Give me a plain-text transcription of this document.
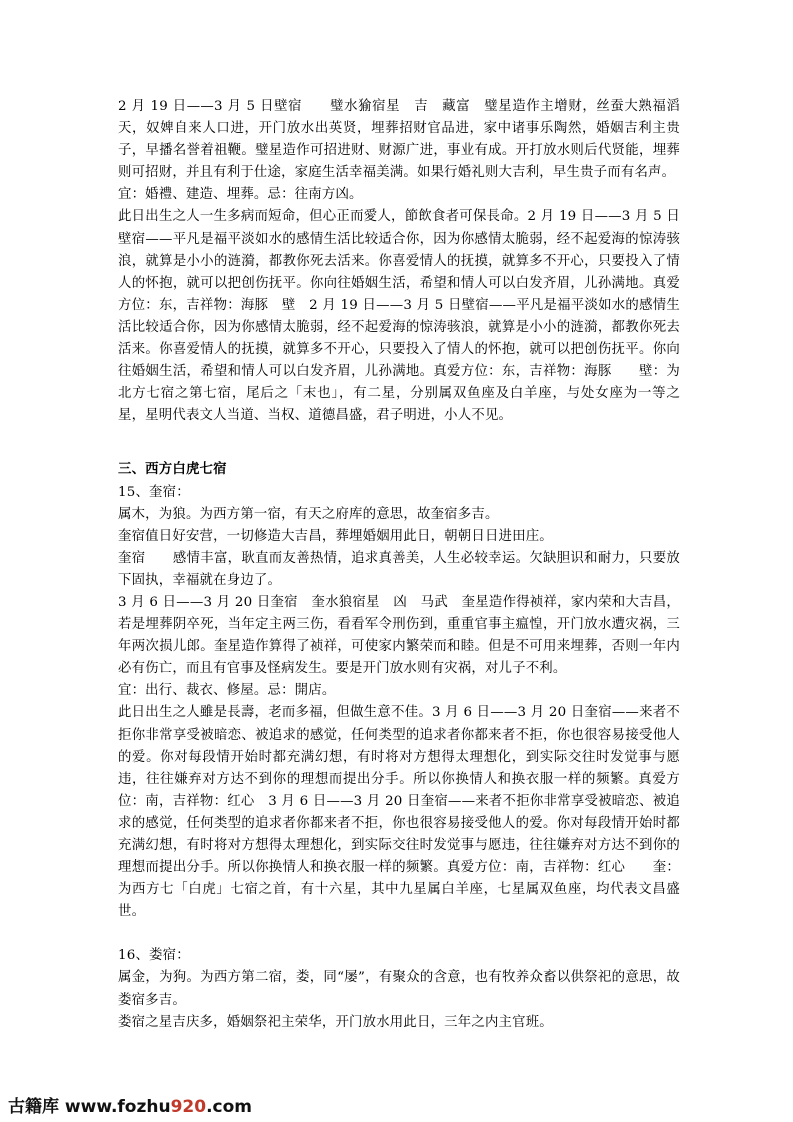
2 月 19 日——3 月 5 日壁宿　　璧水㺄宿星　吉　藏富　璧星造作主增财，丝蚕大熟福滔天，奴婢自来人口进，开门放水出英贤，埋葬招财官品进，家中诸事乐陶然，婚姻吉利主贵子，早播名誉着祖鞭。璧星造作可招进财、财源广进，事业有成。开打放水则后代贤能，埋葬则可招财，并且有利于仕途，家庭生活幸福美满。如果行婚礼则大吉利，早生贵子而有名声。

宜：婚禮、建造、埋葬。忌：往南方凶。

此日出生之人一生多病而短命，但心正而愛人，節飲食者可保長命。2 月 19 日——3 月 5 日壁宿——平凡是福平淡如水的感情生活比较适合你，因为你感情太脆弱，经不起爱海的惊涛骇浪，就算是小小的涟漪，都教你死去活来。你喜爱情人的抚摸，就算多不开心，只要投入了情人的怀抱，就可以把创伤抚平。你向往婚姻生活，希望和情人可以白发齐眉，儿孙满地。真爱方位：东，吉祥物：海豚　壁　2 月 19 日——3 月 5 日壁宿——平凡是福平淡如水的感情生活比较适合你，因为你感情太脆弱，经不起爱海的惊涛骇浪，就算是小小的涟漪，都教你死去活来。你喜爱情人的抚摸，就算多不开心，只要投入了情人的怀抱，就可以把创伤抚平。你向往婚姻生活，希望和情人可以白发齐眉，儿孙满地。真爱方位：东，吉祥物：海豚　　壁：为北方七宿之第七宿，尾后之「末也」，有二星，分别属双鱼座及白羊座，与处女座为一等之星，星明代表文人当道、当权、道德昌盛，君子明进，小人不见。

三、西方白虎七宿

15、奎宿：

属木，为狼。为西方第一宿，有天之府库的意思，故奎宿多吉。

奎宿值日好安营，一切修造大吉昌，葬埋婚姻用此日，朝朝日日进田庄。

奎宿　　感情丰富，耿直而友善热情，追求真善美，人生必较幸运。欠缺胆识和耐力，只要放下固执，幸福就在身边了。

3 月 6 日——3 月 20 日奎宿　奎水狼宿星　凶　马武　奎星造作得祯祥，家内荣和大吉昌，若是埋葬阴卒死，当年定主两三伤，看看军令刑伤到，重重官事主瘟惶，开门放水遭灾祸，三年两次损儿郎。奎星造作算得了祯祥，可使家内繁荣而和睦。但是不可用来埋葬，否则一年内必有伤亡，而且有官事及怪病发生。要是开门放水则有灾祸，对儿子不利。

宜：出行、裁衣、修屋。忌：開店。

此日出生之人雖是長壽，老而多福，但做生意不佳。3 月 6 日——3 月 20 日奎宿——来者不拒你非常享受被暗恋、被追求的感觉，任何类型的追求者你都来者不拒，你也很容易接受他人的爱。你对每段情开始时都充满幻想，有时将对方想得太理想化，到实际交往时发觉事与愿违，往往嫌弃对方达不到你的理想而提出分手。所以你换情人和换衣服一样的频繁。真爱方位：南，吉祥物：红心　3 月 6 日——3 月 20 日奎宿——来者不拒你非常享受被暗恋、被追求的感觉，任何类型的追求者你都来者不拒，你也很容易接受他人的爱。你对每段情开始时都充满幻想，有时将对方想得太理想化，到实际交往时发觉事与愿违，往往嫌弃对方达不到你的理想而提出分手。所以你换情人和换衣服一样的频繁。真爱方位：南，吉祥物：红心　　奎：为西方七「白虎」七宿之首，有十六星，其中九星属白羊座，七星属双鱼座，均代表文昌盛世。

16、娄宿：

属金，为狗。为西方第二宿，娄，同“屡”，有聚众的含意，也有牧养众畜以供祭祀的意思，故娄宿多吉。

娄宿之星吉庆多，婚姻祭祀主荣华，开门放水用此日，三年之内主官班。

古籍库 www.fozhu920.com
